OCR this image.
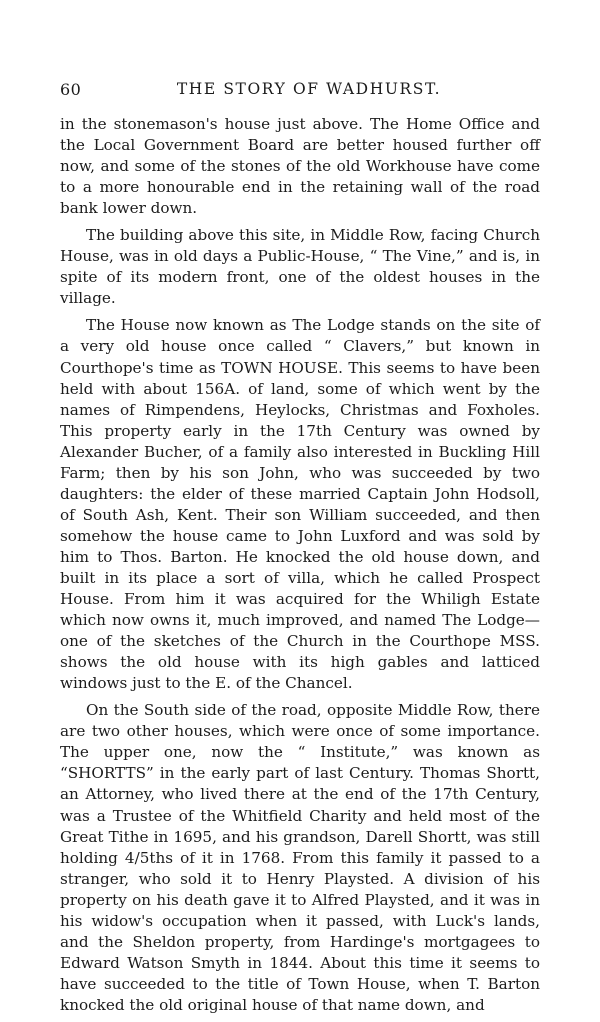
60	THE STORY OF WADHURST.

in the stonemason's house just above. The Home Office and the Local Government Board are better housed further off now, and some of the stones of the old Workhouse have come to a more honourable end in the retaining wall of the road bank lower down.

The building above this site, in Middle Row, facing Church House, was in old days a Public-House, “ The Vine,” and is, in spite of its modern front, one of the oldest houses in the village.

The House now known as The Lodge stands on the site of a very old house once called “ Clavers,” but known in Courthope's time as TOWN HOUSE. This seems to have been held with about 156A. of land, some of which went by the names of Rimpendens, Heylocks, Christmas and Foxholes. This property early in the 17th Century was owned by Alexander Bucher, of a family also interested in Buckling Hill Farm; then by his son John, who was succeeded by two daughters: the elder of these married Captain John Hodsoll, of South Ash, Kent. Their son William succeeded, and then somehow the house came to John Luxford and was sold by him to Thos. Barton. He knocked the old house down, and built in its place a sort of villa, which he called Prospect House. From him it was acquired for the Whiligh Estate which now owns it, much improved, and named The Lodge—one of the sketches of the Church in the Courthope MSS. shows the old house with its high gables and latticed windows just to the E. of the Chancel.

On the South side of the road, opposite Middle Row, there are two other houses, which were once of some importance. The upper one, now the “ Institute,” was known as “SHORTTS” in the early part of last Century. Thomas Shortt, an Attorney, who lived there at the end of the 17th Century, was a Trustee of the Whitfield Charity and held most of the Great Tithe in 1695, and his grandson, Darell Shortt, was still holding 4/5ths of it in 1768. From this family it passed to a stranger, who sold it to Henry Playsted. A division of his property on his death gave it to Alfred Playsted, and it was in his widow's occupation when it passed, with Luck's lands, and the Sheldon property, from Hardinge's mortgagees to Edward Watson Smyth in 1844. About this time it seems to have succeeded to the title of Town House, when T. Barton knocked the old original house of that name down, and
